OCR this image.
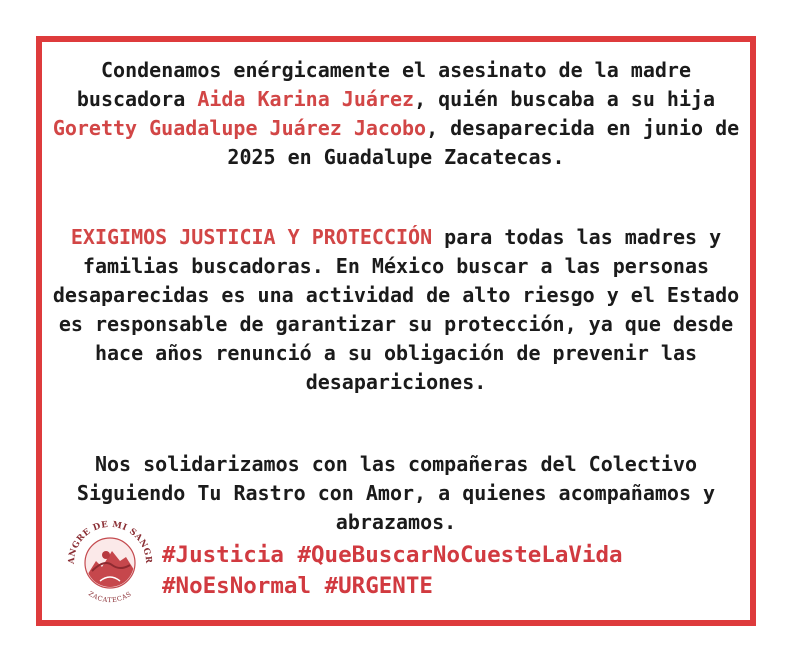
Condenamos enérgicamente el asesinato de la madre buscadora Aida Karina Juárez, quién buscaba a su hija Goretty Guadalupe Juárez Jacobo, desaparecida en junio de 2025 en Guadalupe Zacatecas.

EXIGIMOS JUSTICIA Y PROTECCIÓN para todas las madres y familias buscadoras. En México buscar a las personas desaparecidas es una actividad de alto riesgo y el Estado es responsable de garantizar su protección, ya que desde hace años renunció a su obligación de prevenir las desapariciones.

Nos solidarizamos con las compañeras del Colectivo Siguiendo Tu Rastro con Amor, a quienes acompañamos y abrazamos.

ANGRE DE MI SANGR
ZACATECAS
#Justicia #QueBuscarNoCuesteLaVida
#NoEsNormal #URGENTE
